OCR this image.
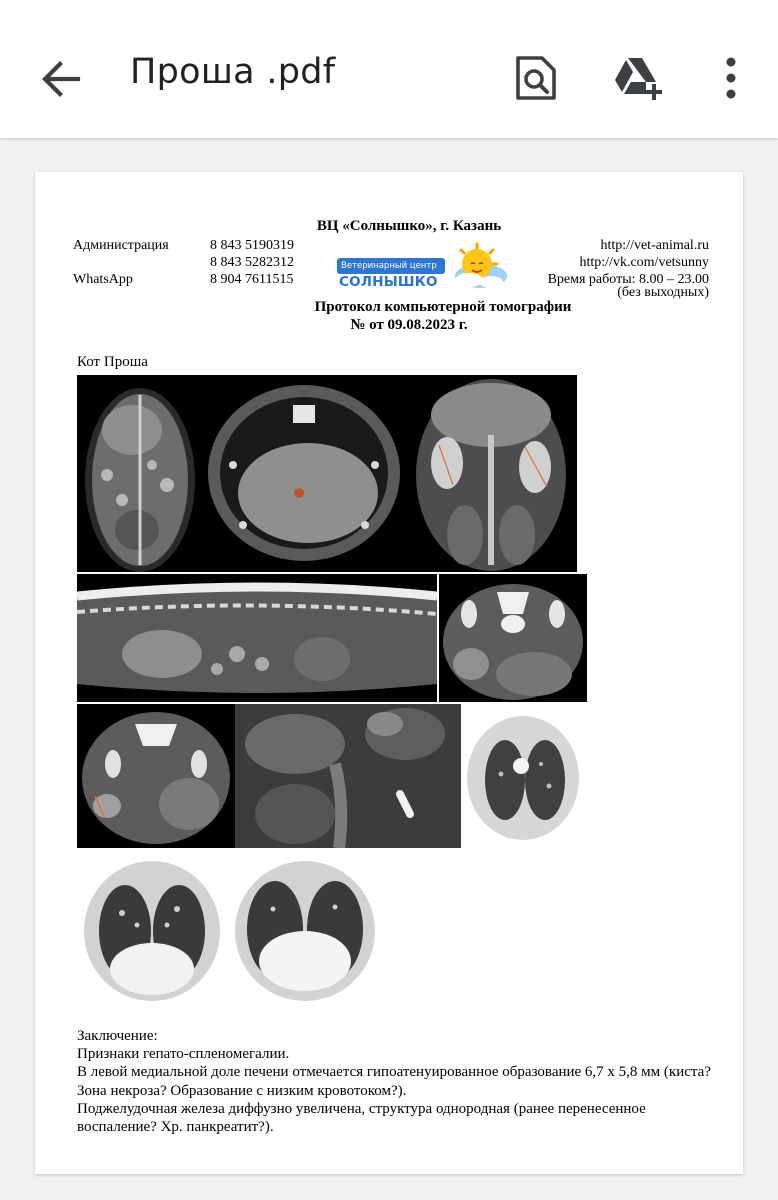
Проша .pdf
ВЦ «Солнышко», г. Казань
Администрация	8 843 5190319
8 843 5282312
WhatsApp	8 904 7611515
http://vet-animal.ru
http://vk.com/vetsunny
Время работы: 8.00 – 23.00
(без выходных)
Ветеринарный центр
СОЛНЫШКО
Протокол компьютерной томографии
№ от 09.08.2023 г.
Кот Проша
Заключение:
Признаки гепато-спленомегалии.
В левой медиальной доле печени отмечается гипоатенуированное образование 6,7 х 5,8 мм (киста? Зона некроза? Образование с низким кровотоком?).
Поджелудочная железа диффузно увеличена, структура однородная (ранее перенесенное воспаление? Хр. панкреатит?).
